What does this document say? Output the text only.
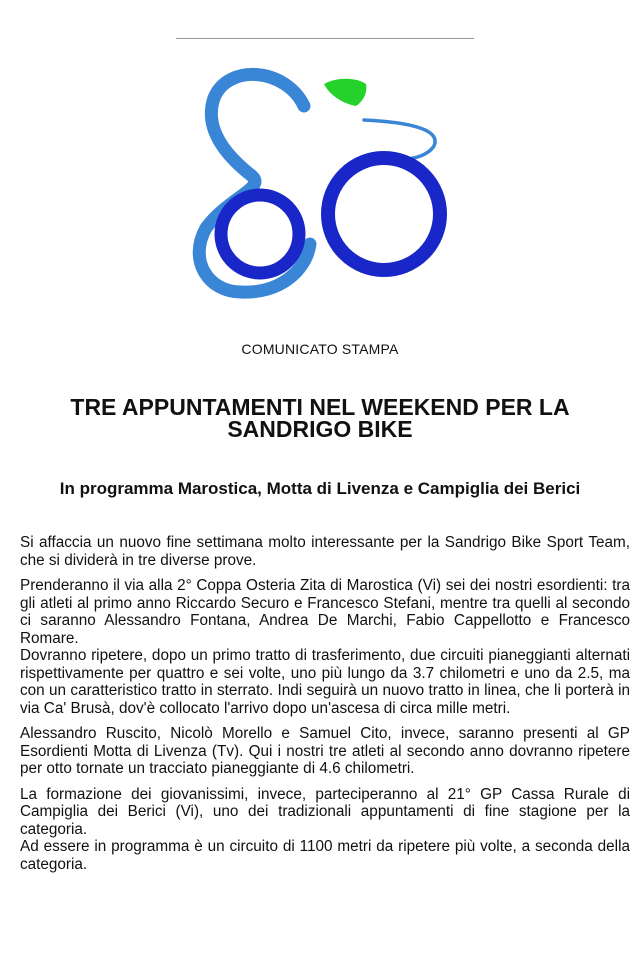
COMUNICATO STAMPA
TRE APPUNTAMENTI NEL WEEKEND PER LA SANDRIGO BIKE
In programma Marostica, Motta di Livenza e Campiglia dei Berici

Si affaccia un nuovo fine settimana molto interessante per la Sandrigo Bike Sport Team, che si dividerà in tre diverse prove.

Prenderanno il via alla 2° Coppa Osteria Zita di Marostica (Vi) sei dei nostri esordienti: tra gli atleti al primo anno Riccardo Securo e Francesco Stefani, mentre tra quelli al secondo ci saranno Alessandro Fontana, Andrea De Marchi, Fabio Cappellotto e Francesco Romare.

Dovranno ripetere, dopo un primo tratto di trasferimento, due circuiti pianeggianti alternati rispettivamente per quattro e sei volte, uno più lungo da 3.7 chilometri e uno da 2.5, ma con un caratteristico tratto in sterrato. Indi seguirà un nuovo tratto in linea, che li porterà in via Ca' Brusà, dov'è collocato l'arrivo dopo un'ascesa di circa mille metri.

Alessandro Ruscito, Nicolò Morello e Samuel Cito, invece, saranno presenti al GP Esordienti Motta di Livenza (Tv). Qui i nostri tre atleti al secondo anno dovranno ripetere per otto tornate un tracciato pianeggiante di 4.6 chilometri.

La formazione dei giovanissimi, invece, parteciperanno al 21° GP Cassa Rurale di Campiglia dei Berici (Vi), uno dei tradizionali appuntamenti di fine stagione per la categoria.

Ad essere in programma è un circuito di 1100 metri da ripetere più volte, a seconda della categoria.
